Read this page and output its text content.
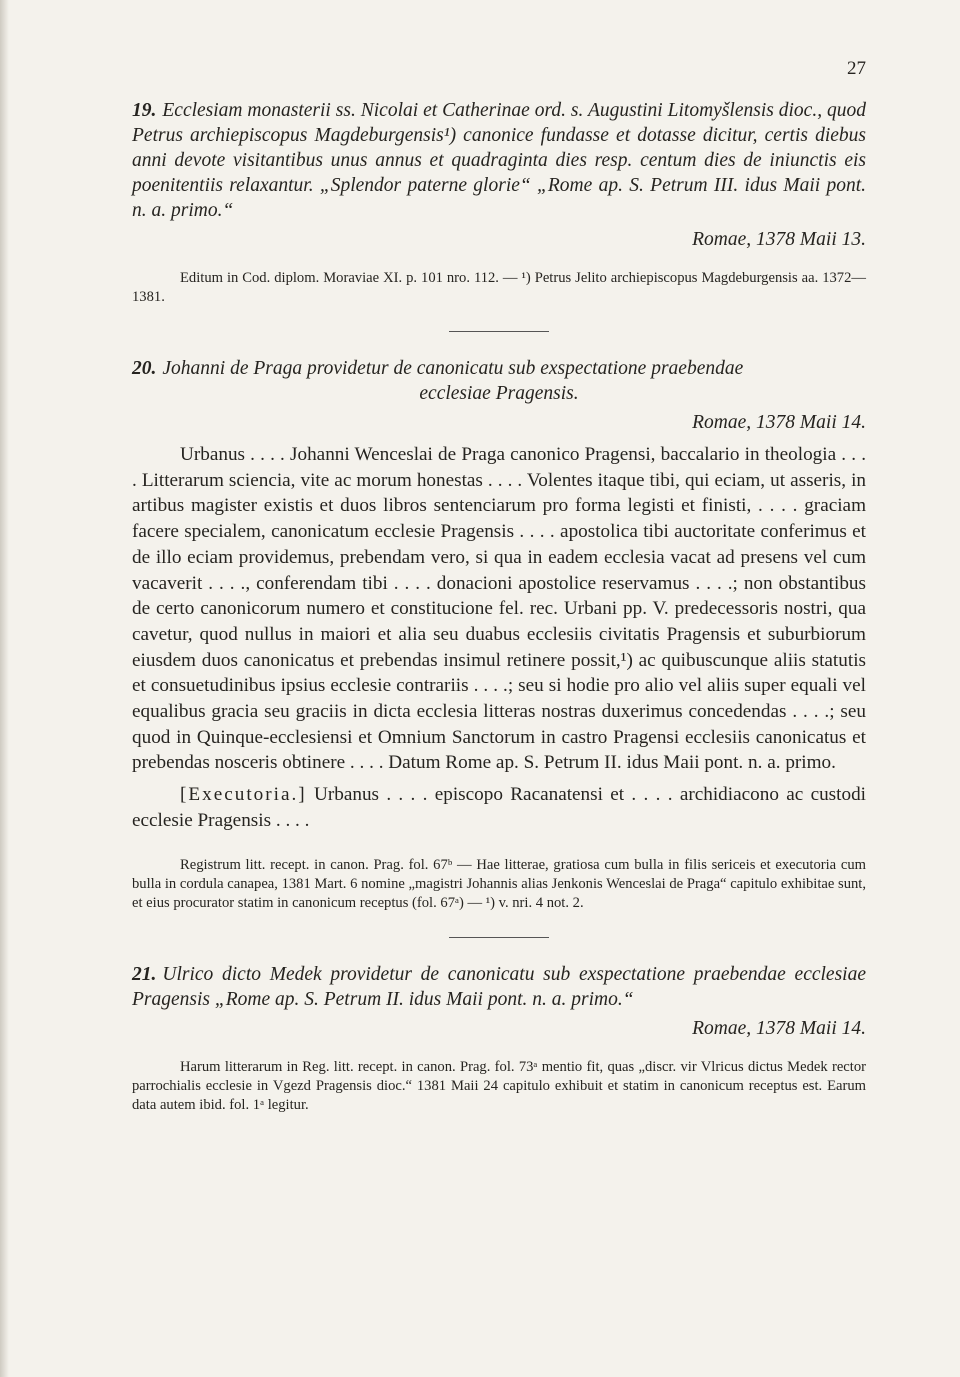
27

19. Ecclesiam monasterii ss. Nicolai et Catherinae ord. s. Augustini Litomyšlensis dioc., quod Petrus archiepiscopus Magdeburgensis¹) canonice fundasse et dotasse dicitur, certis diebus anni devote visitantibus unus annus et quadraginta dies resp. centum dies de iniunctis eis poenitentiis relaxantur. „Splendor paterne glorie“ „Rome ap. S. Petrum III. idus Maii pont. n. a. primo.“

Romae, 1378 Maii 13.

Editum in Cod. diplom. Moraviae XI. p. 101 nro. 112. — ¹) Petrus Jelito archiepiscopus Magdeburgensis aa. 1372—1381.

20. Johanni de Praga providetur de canonicatu sub exspectatione praebendae
ecclesiae Pragensis.

Romae, 1378 Maii 14.

Urbanus . . . . Johanni Wenceslai de Praga canonico Pragensi, baccalario in theologia . . . . Litterarum sciencia, vite ac morum honestas . . . . Volentes itaque tibi, qui eciam, ut asseris, in artibus magister existis et duos libros sentenciarum pro forma legisti et finisti, . . . . graciam facere specialem, canonicatum ecclesie Pragensis . . . . apostolica tibi auctoritate conferimus et de illo eciam providemus, prebendam vero, si qua in eadem ecclesia vacat ad presens vel cum vacaverit . . . ., conferendam tibi . . . . donacioni apostolice reservamus . . . .; non obstantibus de certo canonicorum numero et constitucione fel. rec. Urbani pp. V. predecessoris nostri, qua cavetur, quod nullus in maiori et alia seu duabus ecclesiis civitatis Pragensis et suburbiorum eiusdem duos canonicatus et prebendas insimul retinere possit,¹) ac quibuscunque aliis statutis et consuetudinibus ipsius ecclesie contrariis . . . .; seu si hodie pro alio vel aliis super equali vel equalibus gracia seu graciis in dicta ecclesia litteras nostras duxerimus concedendas . . . .; seu quod in Quinque-ecclesiensi et Omnium Sanctorum in castro Pragensi ecclesiis canonicatus et prebendas nosceris obtinere . . . . Datum Rome ap. S. Petrum II. idus Maii pont. n. a. primo.

[Executoria.] Urbanus . . . . episcopo Racanatensi et . . . . archidiacono ac custodi ecclesie Pragensis . . . .

Registrum litt. recept. in canon. Prag. fol. 67ᵇ — Hae litterae, gratiosa cum bulla in filis sericeis et executoria cum bulla in cordula canapea, 1381 Mart. 6 nomine „magistri Johannis alias Jenkonis Wenceslai de Praga“ capitulo exhibitae sunt, et eius procurator statim in canonicum receptus (fol. 67ᵃ) — ¹) v. nri. 4 not. 2.

21. Ulrico dicto Medek providetur de canonicatu sub exspectatione praebendae ecclesiae Pragensis „Rome ap. S. Petrum II. idus Maii pont. n. a. primo.“

Romae, 1378 Maii 14.

Harum litterarum in Reg. litt. recept. in canon. Prag. fol. 73ᵃ mentio fit, quas „discr. vir Vlricus dictus Medek rector parrochialis ecclesie in Vgezd Pragensis dioc.“ 1381 Maii 24 capitulo exhibuit et statim in canonicum receptus est. Earum data autem ibid. fol. 1ᵃ legitur.
